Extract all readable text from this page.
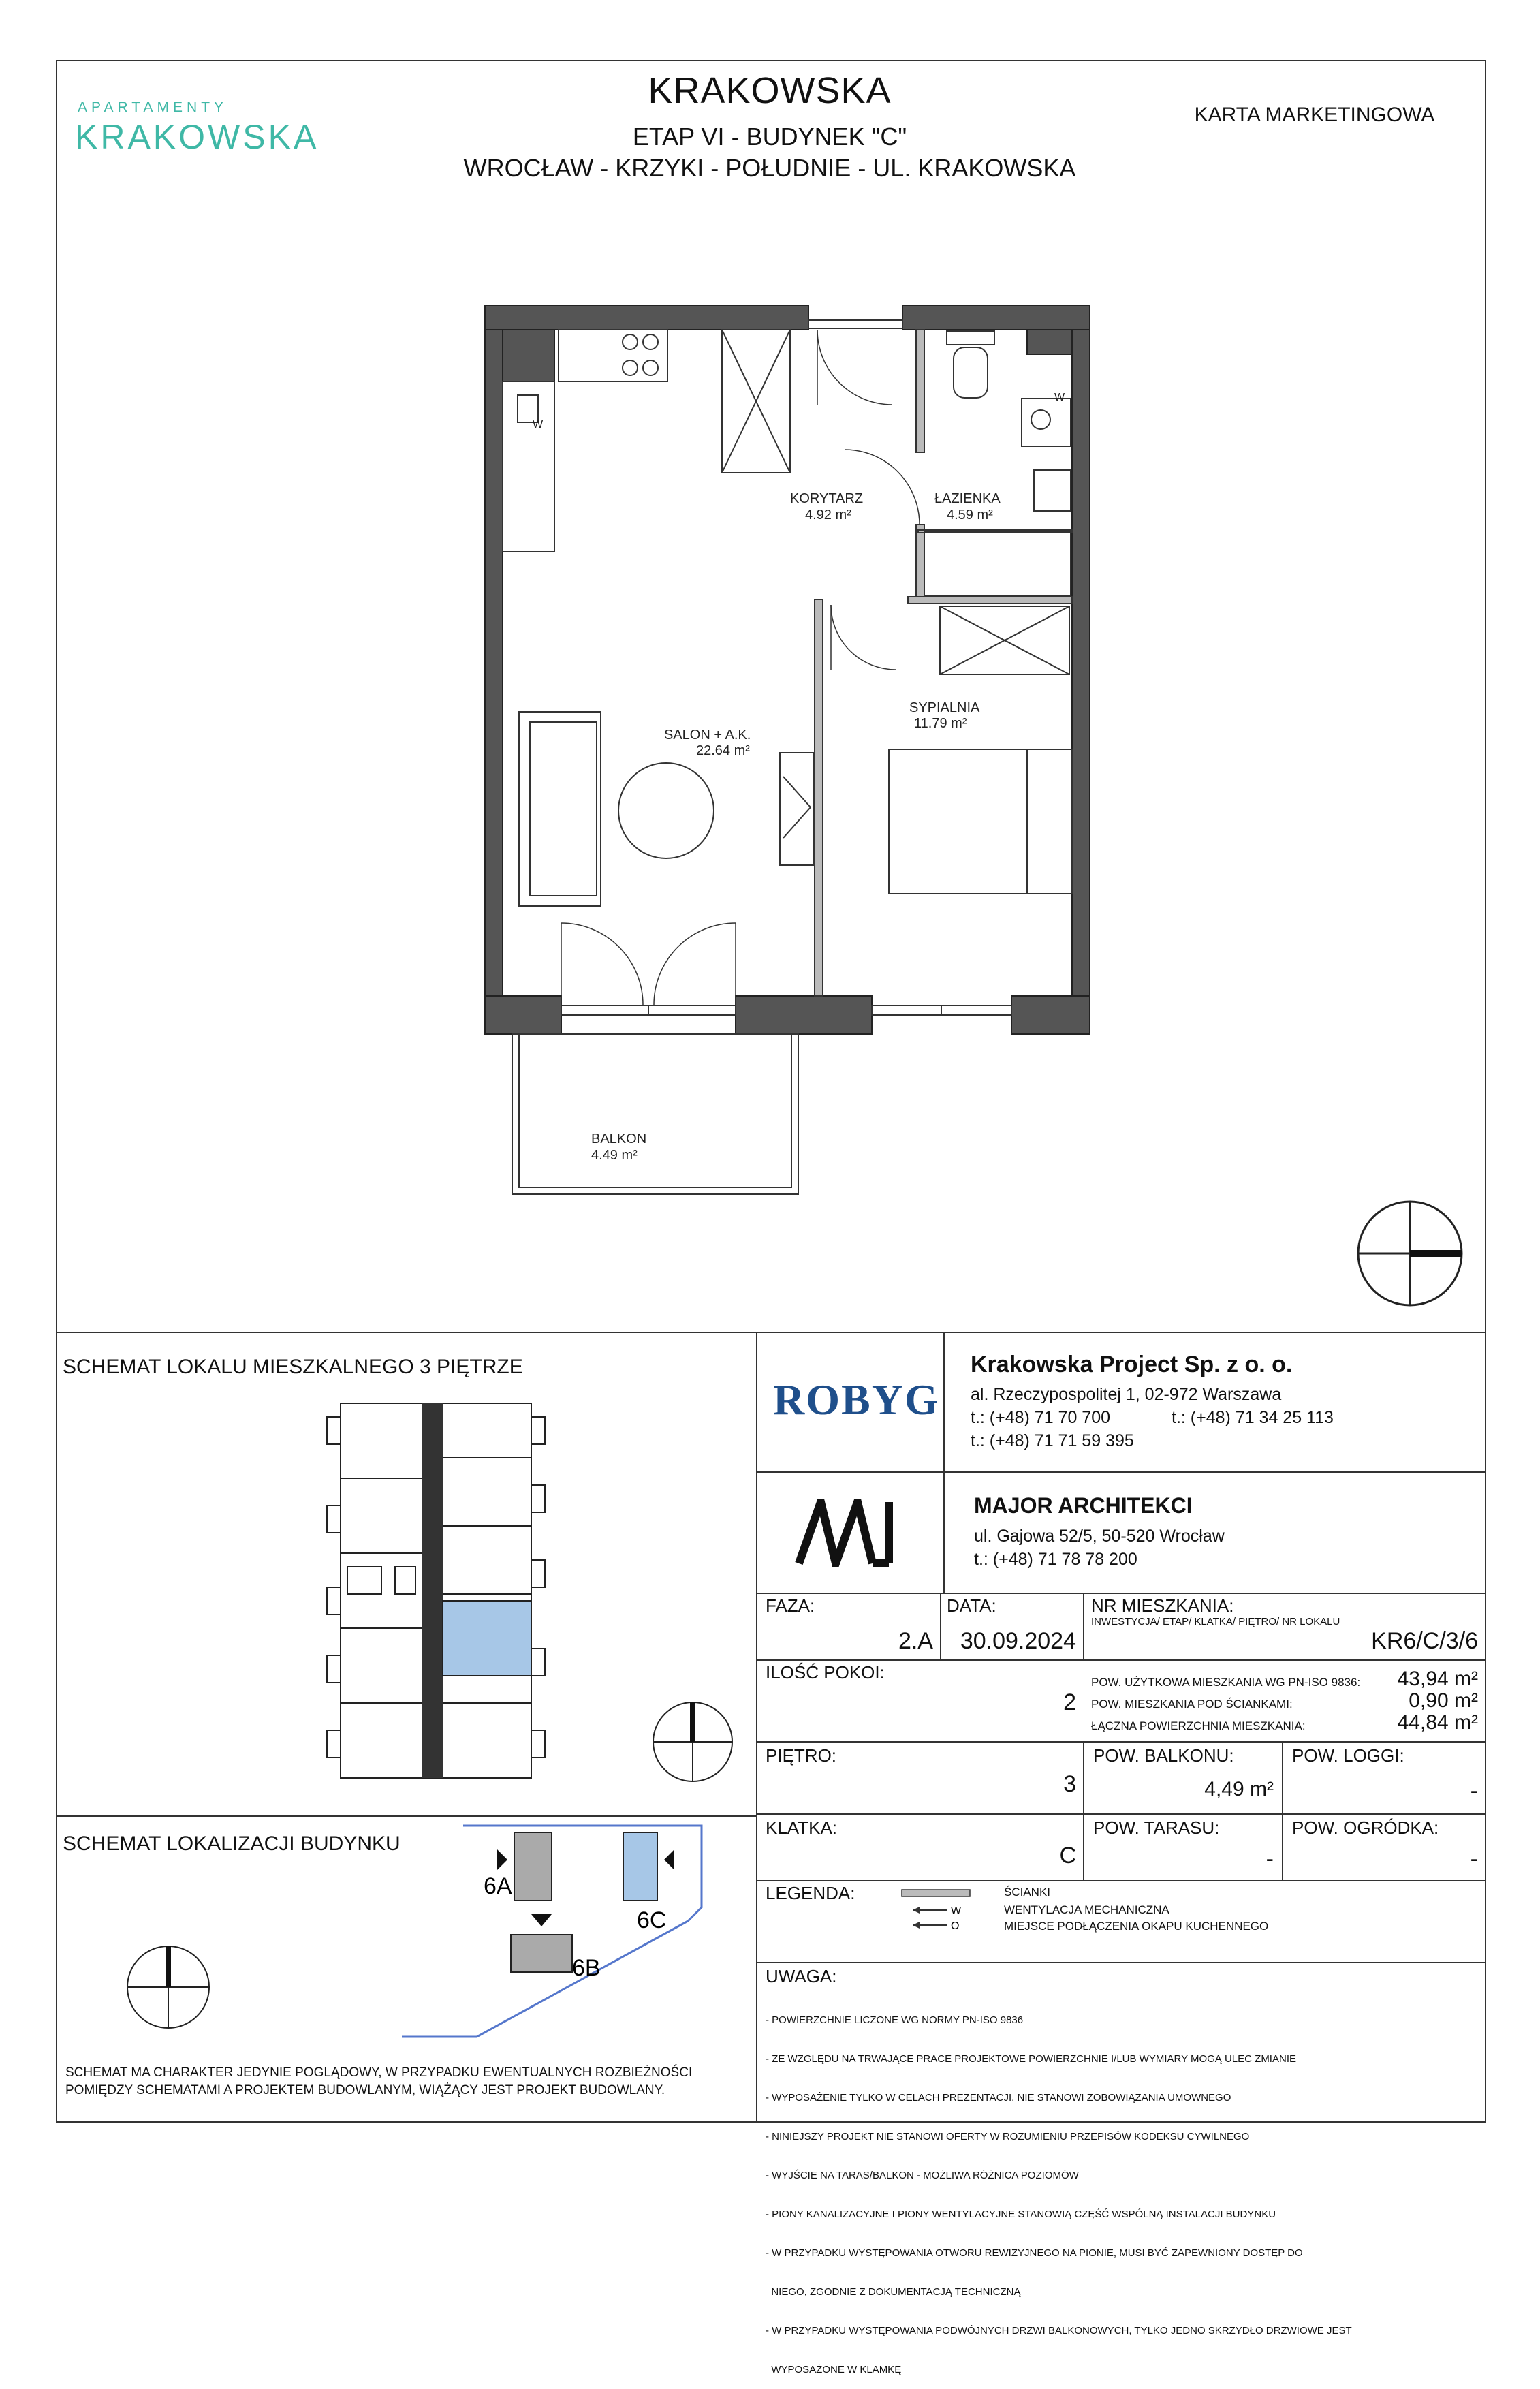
APARTAMENTY
KRAKOWSKA
KRAKOWSKA
ETAP VI - BUDYNEK "C"
WROCŁAW - KRZYKI - POŁUDNIE - UL. KRAKOWSKA
KARTA MARKETINGOWA
KORYTARZ
4.92 m²
ŁAZIENKA
4.59 m²
SALON + A.K.
22.64 m²
SYPIALNIA
11.79 m²
BALKON
4.49 m²
W
W
SCHEMAT LOKALU MIESZKALNEGO 3 PIĘTRZE
SCHEMAT LOKALIZACJI BUDYNKU
6A
6C
6B
SCHEMAT MA CHARAKTER JEDYNIE POGLĄDOWY, W PRZYPADKU EWENTUALNYCH ROZBIEŻNOŚCI POMIĘDZY SCHEMATAMI A PROJEKTEM BUDOWLANYM, WIĄŻĄCY JEST PROJEKT BUDOWLANY.
ROBYG
Krakowska Project Sp. z o. o.
al. Rzeczypospolitej 1, 02-972 Warszawa
t.: (+48) 71 70 700	t.: (+48) 71 34 25 113
t.: (+48) 71 71 59 395
MAJOR ARCHITEKCI
ul. Gajowa 52/5, 50-520 Wrocław
t.: (+48) 71 78 78 200
FAZA:
2.A
DATA:
30.09.2024
NR MIESZKANIA:
INWESTYCJA/ ETAP/ KLATKA/ PIĘTRO/ NR LOKALU
KR6/C/3/6
ILOŚĆ POKOI:
2
POW. UŻYTKOWA MIESZKANIA WG PN-ISO 9836:	43,94 m²
POW. MIESZKANIA POD ŚCIANKAMI:	0,90 m²
ŁĄCZNA POWIERZCHNIA MIESZKANIA:	44,84 m²
PIĘTRO:
3
POW. BALKONU:
4,49 m²
POW. LOGGI:
-
KLATKA:
C
POW. TARASU:
-
POW. OGRÓDKA:
-
LEGENDA:
W
O
ŚCIANKI
WENTYLACJA MECHANICZNA
MIEJSCE PODŁĄCZENIA OKAPU KUCHENNEGO
UWAGA:

- POWIERZCHNIE LICZONE WG NORMY PN-ISO 9836

- ZE WZGLĘDU NA TRWAJĄCE PRACE PROJEKTOWE POWIERZCHNIE I/LUB WYMIARY MOGĄ ULEC ZMIANIE

- WYPOSAŻENIE TYLKO W CELACH PREZENTACJI, NIE STANOWI ZOBOWIĄZANIA UMOWNEGO

- NINIEJSZY PROJEKT NIE STANOWI OFERTY W ROZUMIENIU PRZEPISÓW KODEKSU CYWILNEGO

- WYJŚCIE NA TARAS/BALKON - MOŻLIWA RÓŻNICA POZIOMÓW

- PIONY KANALIZACYJNE I PIONY WENTYLACYJNE STANOWIĄ CZĘŚĆ WSPÓLNĄ INSTALACJI BUDYNKU

- W PRZYPADKU WYSTĘPOWANIA OTWORU REWIZYJNEGO NA PIONIE, MUSI BYĆ ZAPEWNIONY DOSTĘP DO

NIEGO, ZGODNIE Z DOKUMENTACJĄ TECHNICZNĄ

- W PRZYPADKU WYSTĘPOWANIA PODWÓJNYCH DRZWI BALKONOWYCH, TYLKO JEDNO SKRZYDŁO DRZWIOWE JEST

WYPOSAŻONE W KLAMKĘ
